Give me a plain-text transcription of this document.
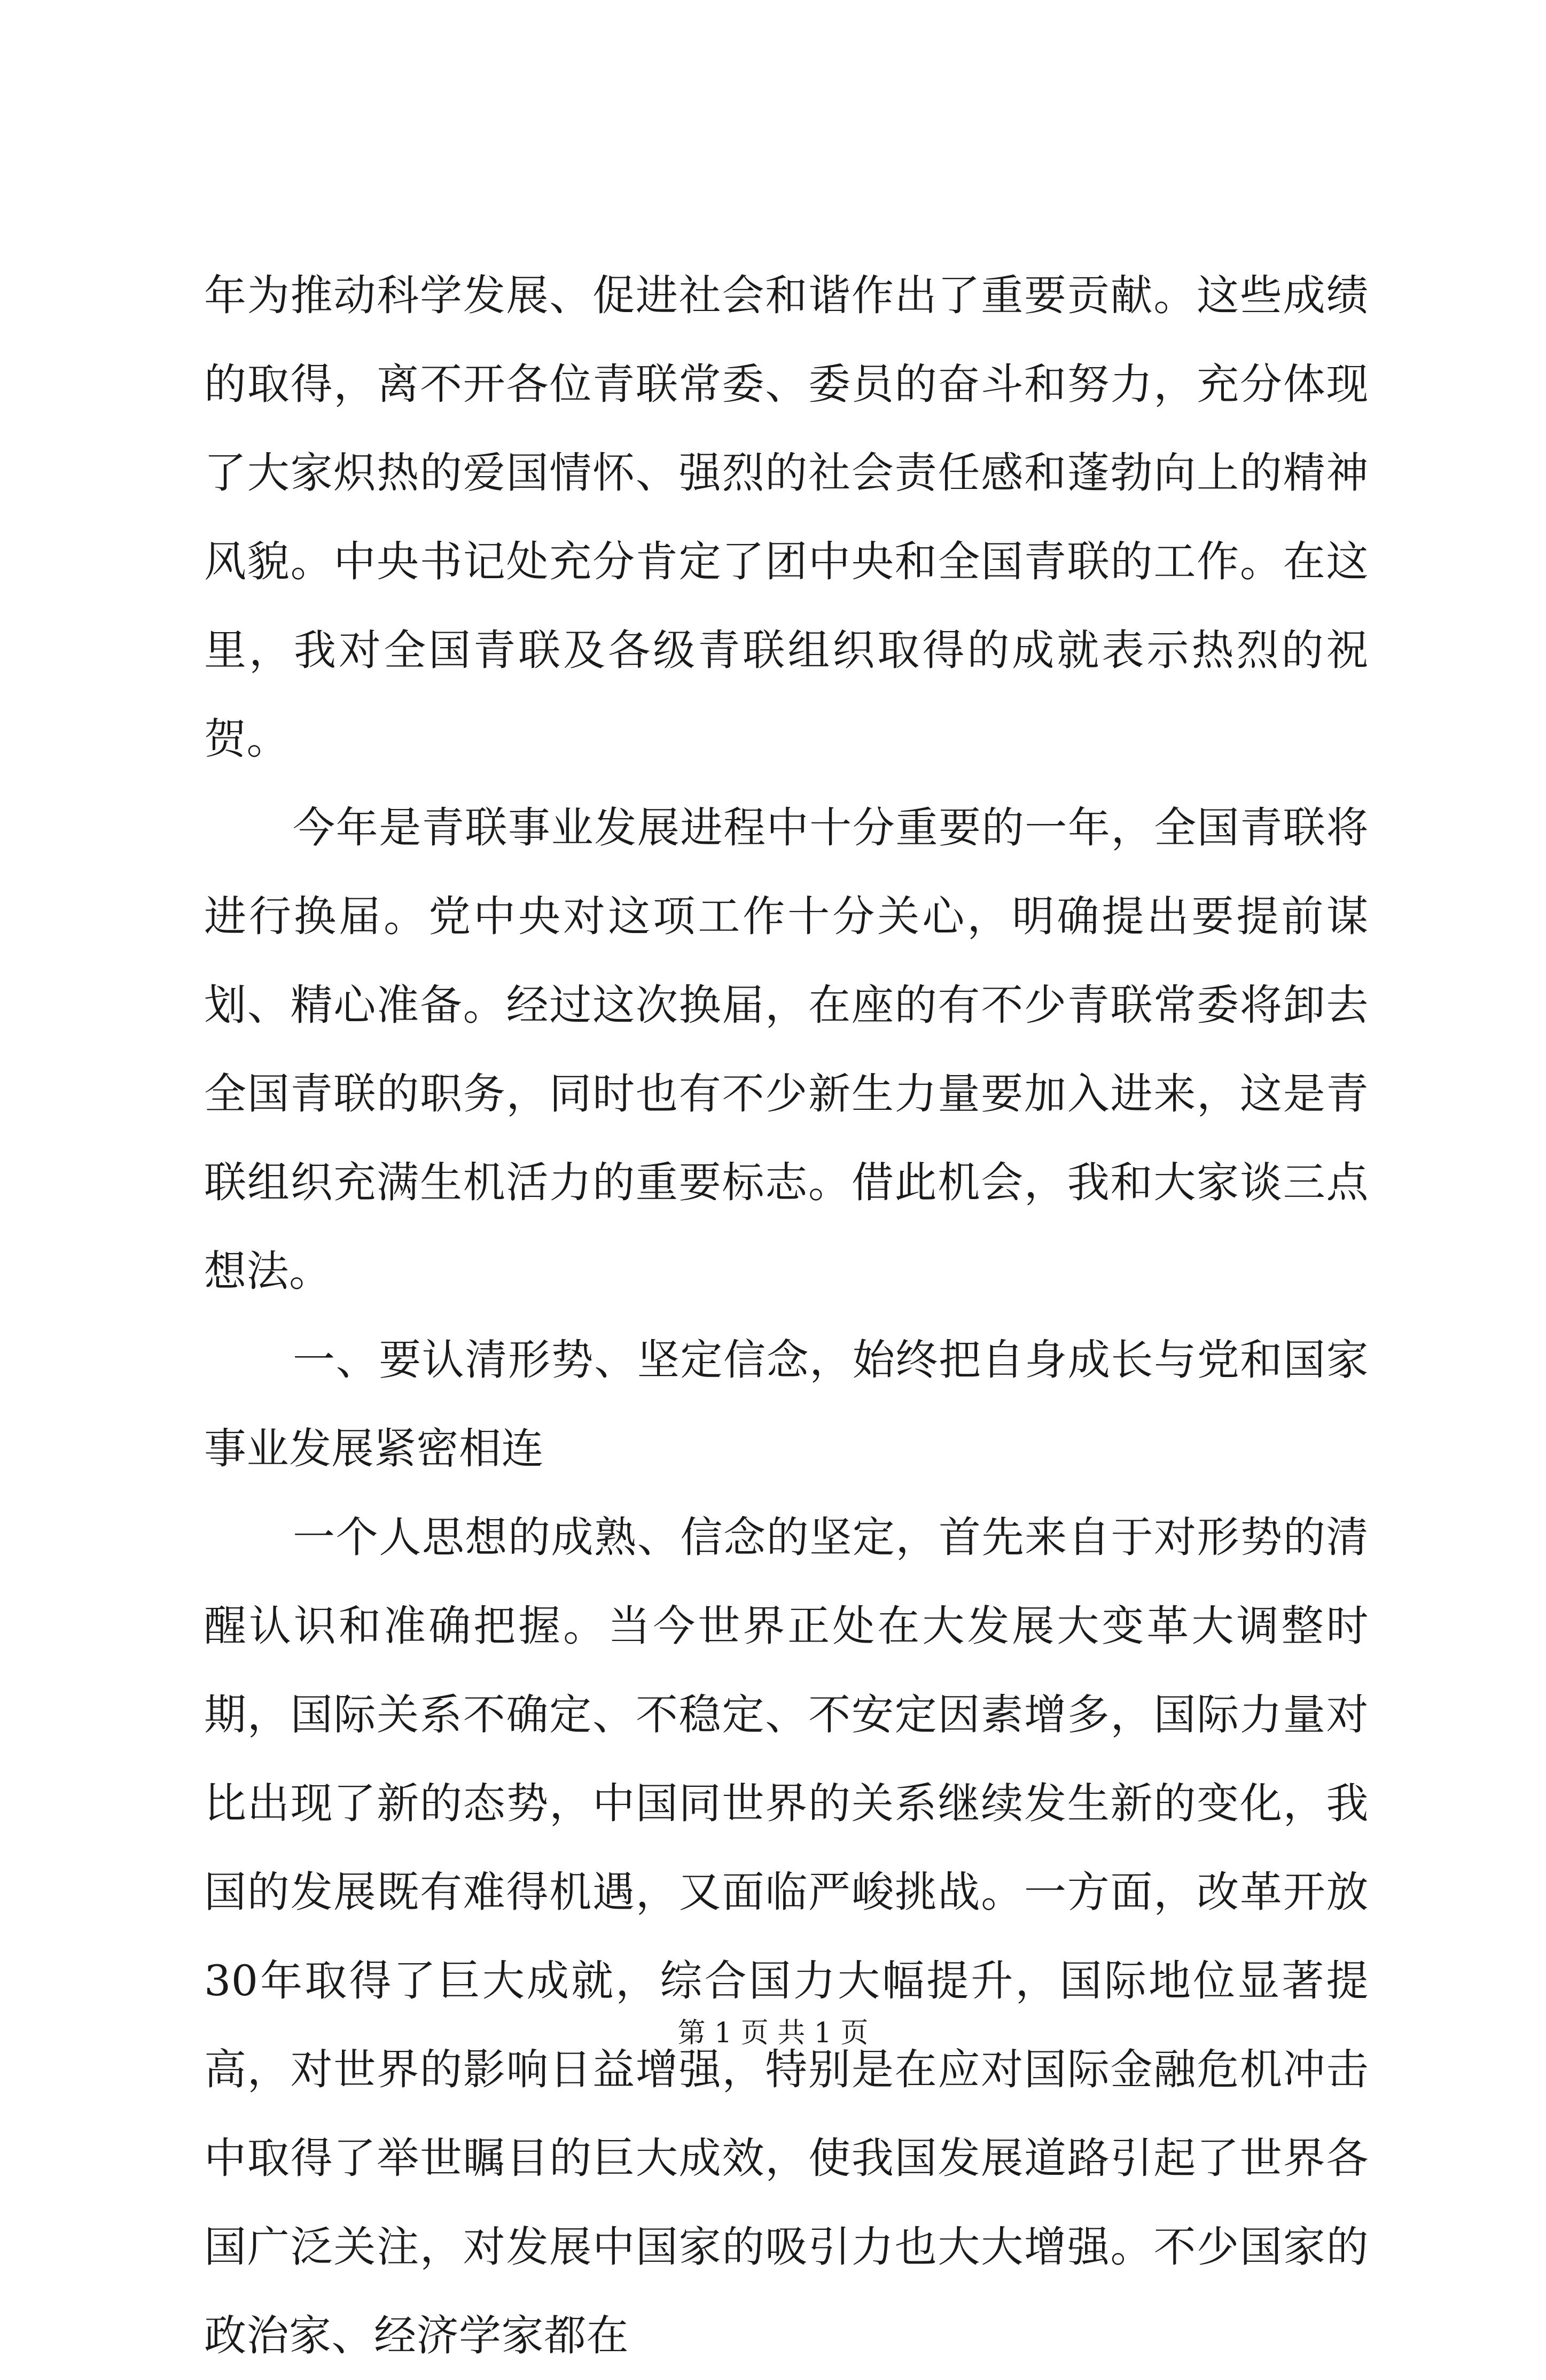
年为推动科学发展、促进社会和谐作出了重要贡献。这些成绩的取得，离不开各位青联常委、委员的奋斗和努力，充分体现了大家炽热的爱国情怀、强烈的社会责任感和蓬勃向上的精神风貌。中央书记处充分肯定了团中央和全国青联的工作。在这里，我对全国青联及各级青联组织取得的成就表示热烈的祝贺。

今年是青联事业发展进程中十分重要的一年，全国青联将进行换届。党中央对这项工作十分关心，明确提出要提前谋划、精心准备。经过这次换届，在座的有不少青联常委将卸去全国青联的职务，同时也有不少新生力量要加入进来，这是青联组织充满生机活力的重要标志。借此机会，我和大家谈三点想法。

一、要认清形势、坚定信念，始终把自身成长与党和国家事业发展紧密相连

一个人思想的成熟、信念的坚定，首先来自于对形势的清醒认识和准确把握。当今世界正处在大发展大变革大调整时期，国际关系不确定、不稳定、不安定因素增多，国际力量对比出现了新的态势，中国同世界的关系继续发生新的变化，我国的发展既有难得机遇，又面临严峻挑战。一方面，改革开放30年取得了巨大成就，综合国力大幅提升，国际地位显著提高，对世界的影响日益增强，特别是在应对国际金融危机冲击中取得了举世瞩目的巨大成效，使我国发展道路引起了世界各国广泛关注，对发展中国家的吸引力也大大增强。不少国家的政治家、经济学家都在

第 1 页 共 1 页
